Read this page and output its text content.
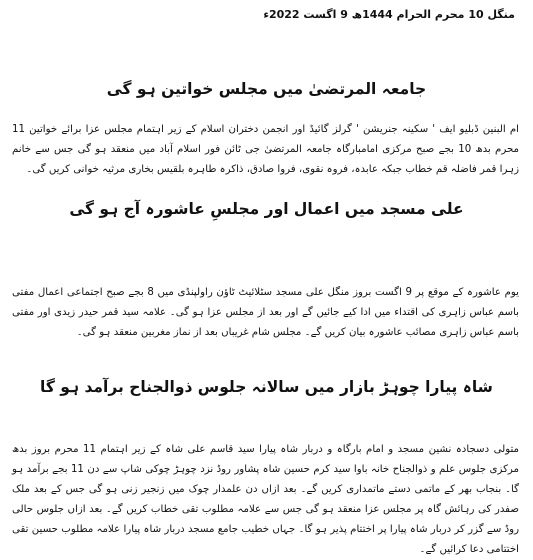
منگل 10 محرم الحرام 1444ھ 9 اگست 2022ء
جامعہ المرتضیٰ میں مجلس خواتین ہو گی
ام البنین ڈبلیو ایف ' سکینہ جنریشن ' گرلز گائیڈ اور انجمن دختران اسلام کے زیر اہتمام مجلس عزا برائے خواتین 11 محرم بدھ 10 بجے صبح مرکزی امامبارگاہ جامعہ المرتضیٰ جی ٹائن فور اسلام آباد میں منعقد ہو گی جس سے خانم زہرا قمر فاضلہ قم خطاب جبکہ عابدہ، فروہ نقوی، فروا صادق، ذاکرہ طاہرہ بلقیس بخاری مرثیہ خوانی کریں گی۔
علی مسجد میں اعمال اور مجلسِ عاشورہ آج ہو گی
یوم عاشورہ کے موقع پر 9 اگست بروز منگل علی مسجد سٹلائیٹ ٹاؤن راولپنڈی میں 8 بجے صبح اجتماعی اعمال مفتی باسم عباس زاہری کی اقتداء میں ادا کیے جائیں گے اور بعد از مجلس عزا ہو گی۔ علامہ سید قمر حیدر زیدی اور مفتی باسم عباس زاہری مصائب عاشورہ بیان کریں گے۔ مجلس شام غریباں بعد از نماز مغربین منعقد ہو گی۔
شاہ پیارا چوہڑ بازار میں سالانہ جلوس ذوالجناح برآمد ہو گا
متولی دسجادہ نشین مسجد و امام بارگاہ و دربار شاہ پیارا سید قاسم علی شاہ کے زیر اہتمام 11 محرم بروز بدھ مرکزی جلوس علم و ذوالجناح خانہ باوا سید کرم حسین شاہ پشاور روڈ نزد چوہڑ چوکی شاپ سے دن 11 بجے برآمد ہو گا۔ بنجاب بھر کے ماتمی دستے ماتمداری کریں گے۔ بعد ازاں دن علمدار چوک میں زنجیر زنی ہو گی جس کے بعد ملک صفدر کی رہائش گاہ پر مجلس عزا منعقد ہو گی جس سے علامہ مطلوب تقی خطاب کریں گے۔ بعد ازاں جلوس حالی روڈ سے گزر کر دربار شاہ پیارا پر اختتام پذیر ہو گا۔ جہاں خطیب جامع مسجد دربار شاہ پیارا علامہ مطلوب حسین تقی اختتامی دعا کرائیں گے۔
